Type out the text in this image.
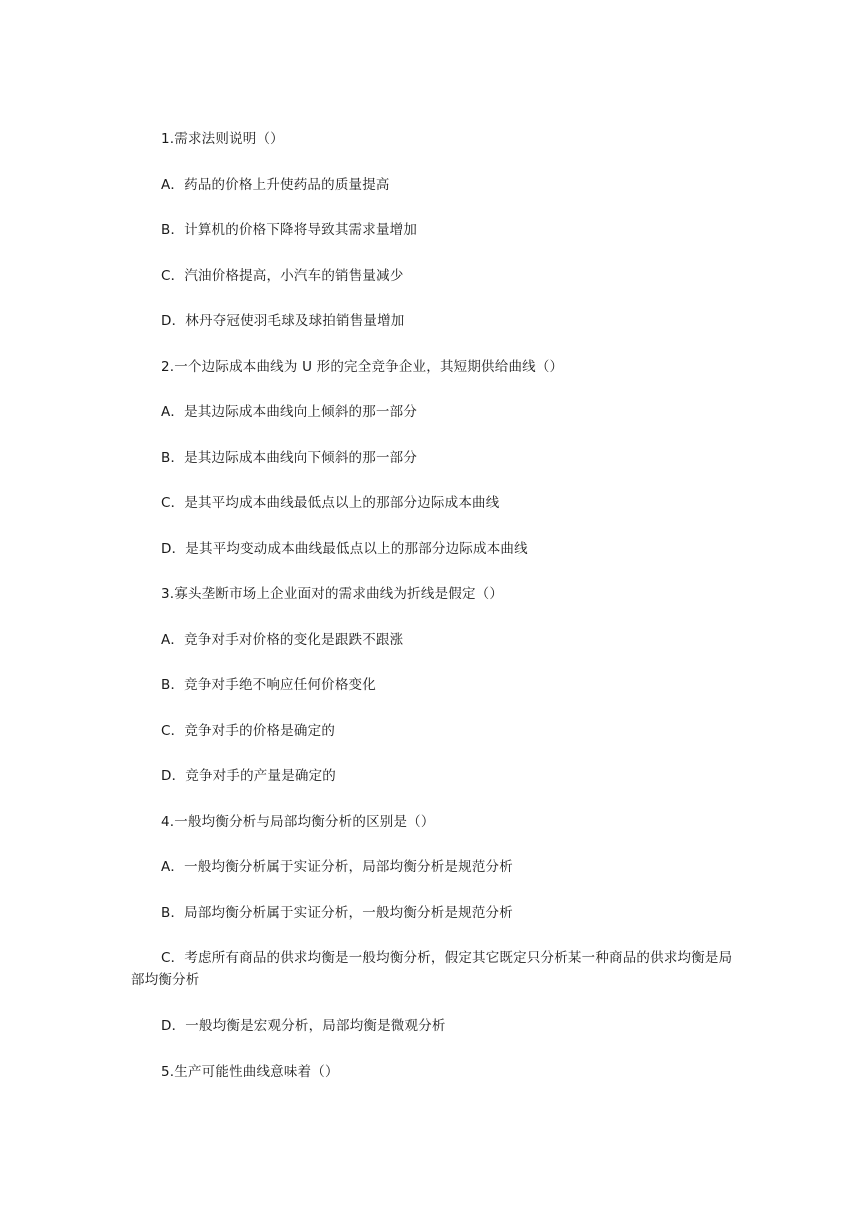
1.需求法则说明（）
A．药品的价格上升使药品的质量提高
B．计算机的价格下降将导致其需求量增加
C．汽油价格提高，小汽车的销售量减少
D．林丹夺冠使羽毛球及球拍销售量增加
2.一个边际成本曲线为 U 形的完全竞争企业，其短期供给曲线（）
A．是其边际成本曲线向上倾斜的那一部分
B．是其边际成本曲线向下倾斜的那一部分
C．是其平均成本曲线最低点以上的那部分边际成本曲线
D．是其平均变动成本曲线最低点以上的那部分边际成本曲线
3.寡头垄断市场上企业面对的需求曲线为折线是假定（）
A．竞争对手对价格的变化是跟跌不跟涨
B．竞争对手绝不响应任何价格变化
C．竞争对手的价格是确定的
D．竞争对手的产量是确定的
4.一般均衡分析与局部均衡分析的区别是（）
A．一般均衡分析属于实证分析，局部均衡分析是规范分析
B．局部均衡分析属于实证分析，一般均衡分析是规范分析
C．考虑所有商品的供求均衡是一般均衡分析，假定其它既定只分析某一种商品的供求均衡是局部均衡分析
D．一般均衡是宏观分析，局部均衡是微观分析
5.生产可能性曲线意味着（）
